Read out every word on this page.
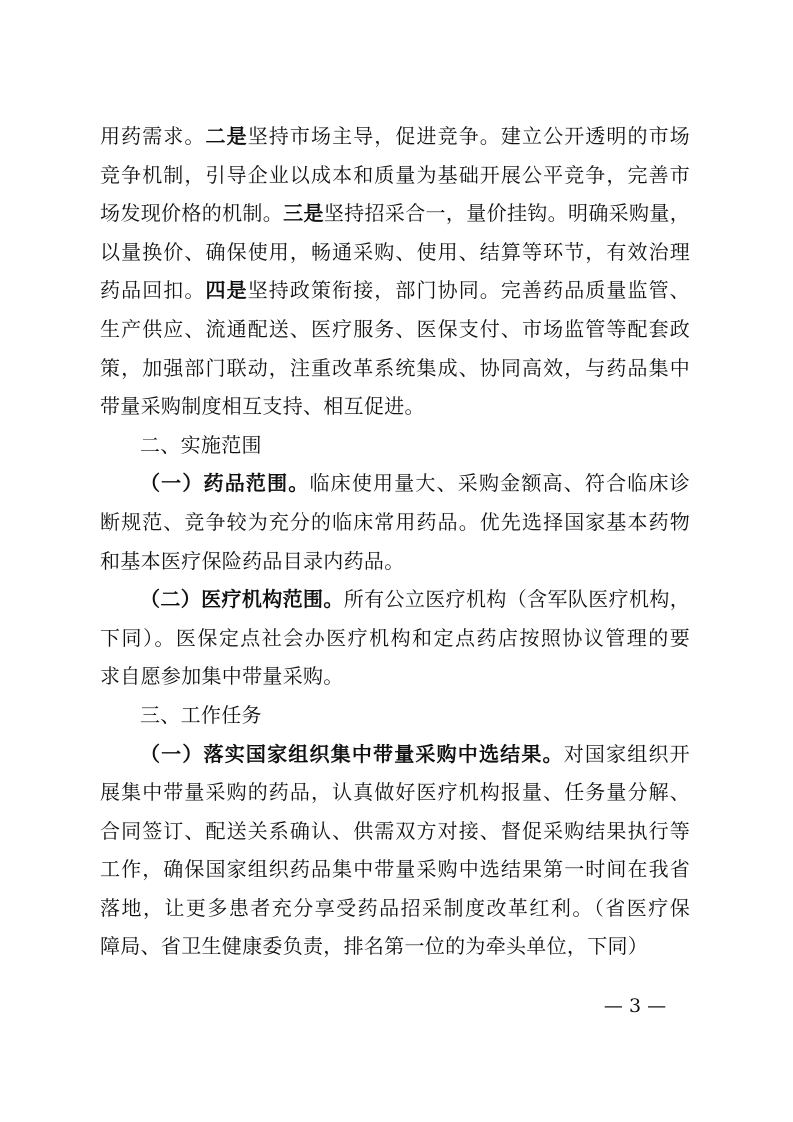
用药需求。二是坚持市场主导，促进竞争。建立公开透明的市场
竞争机制，引导企业以成本和质量为基础开展公平竞争，完善市
场发现价格的机制。三是坚持招采合一，量价挂钩。明确采购量，
以量换价、确保使用，畅通采购、使用、结算等环节，有效治理
药品回扣。四是坚持政策衔接，部门协同。完善药品质量监管、
生产供应、流通配送、医疗服务、医保支付、市场监管等配套政
策，加强部门联动，注重改革系统集成、协同高效，与药品集中
带量采购制度相互支持、相互促进。
二、实施范围
（一）药品范围。临床使用量大、采购金额高、符合临床诊
断规范、竞争较为充分的临床常用药品。优先选择国家基本药物
和基本医疗保险药品目录内药品。
（二）医疗机构范围。所有公立医疗机构（含军队医疗机构，
下同）。医保定点社会办医疗机构和定点药店按照协议管理的要
求自愿参加集中带量采购。
三、工作任务
（一）落实国家组织集中带量采购中选结果。对国家组织开
展集中带量采购的药品，认真做好医疗机构报量、任务量分解、
合同签订、配送关系确认、供需双方对接、督促采购结果执行等
工作，确保国家组织药品集中带量采购中选结果第一时间在我省
落地，让更多患者充分享受药品招采制度改革红利。（省医疗保
障局、省卫生健康委负责，排名第一位的为牵头单位，下同）
— 3 —
